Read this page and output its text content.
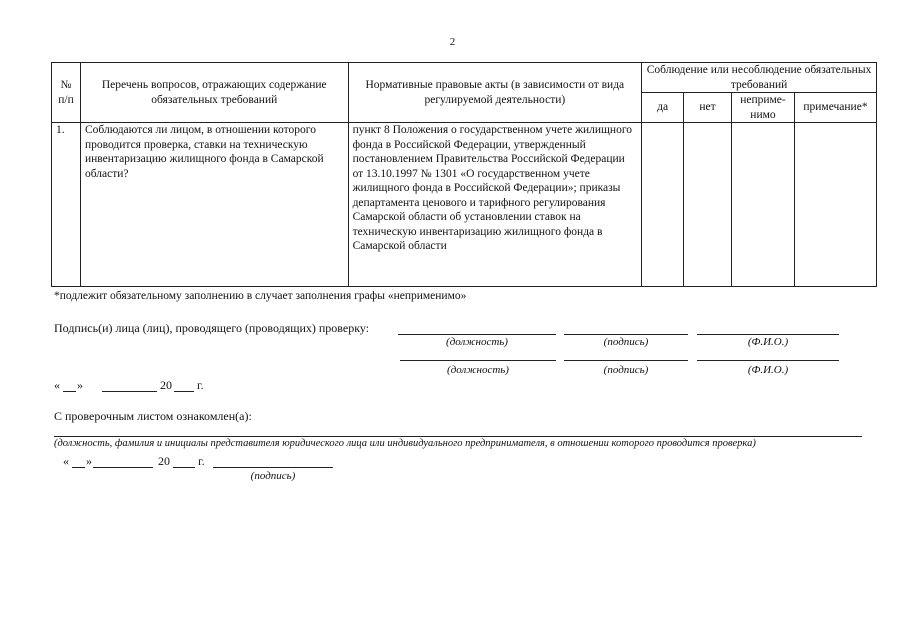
2
№ п/п	Перечень вопросов, отражающих содержание обязательных требований	Нормативные правовые акты (в зависимости от вида регулируемой деятельности)	Соблюдение или несоблюдение обязательных требований			
			да	нет	неприме-нимо	примечание*
1.	Соблюдаются ли лицом, в отношении которого проводится проверка, ставки на техническую инвентаризацию жилищного фонда в Самарской области?	пункт 8 Положения о государственном учете жилищного фонда в Российской Федерации, утвержденный постановлением Правительства Российской Федерации от 13.10.1997 № 1301 «О государственном учете жилищного фонда в Российской Федерации»; приказы департамента ценового и тарифного регулирования Самарской области об установлении ставок на техническую инвентаризацию жилищного фонда в Самарской области				
*подлежит обязательному заполнению в случает заполнения графы «неприменимо»
Подпись(и) лица (лиц), проводящего (проводящих) проверку:
(должность)	(подпись)	(Ф.И.О.)
(должность)	(подпись)	(Ф.И.О.)
« »	20 г.
С проверочным листом ознакомлен(а):
(должность, фамилия и инициалы представителя юридического лица или индивидуального предпринимателя, в отношении которого проводится проверка)
« »	20 г.
(подпись)
